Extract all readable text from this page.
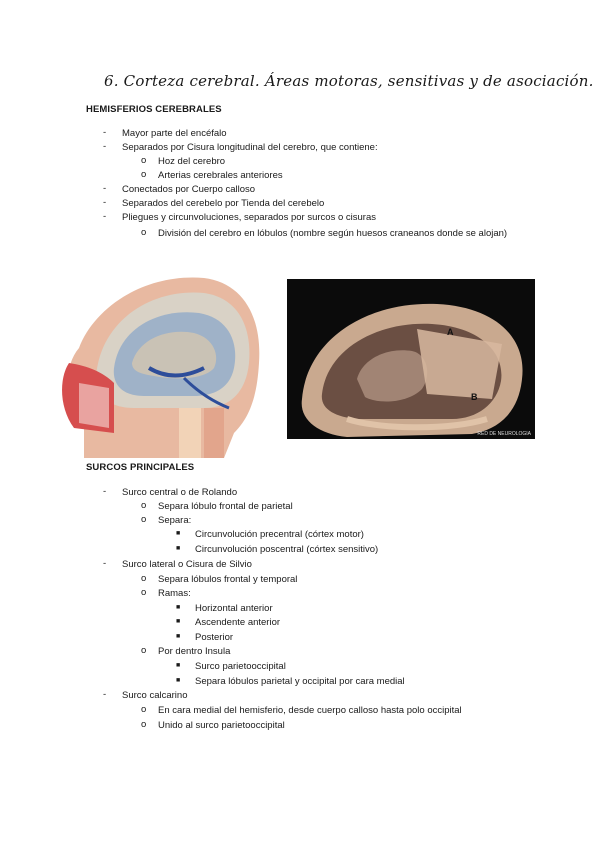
6. Corteza cerebral. Áreas motoras, sensitivas y de asociación.
HEMISFERIOS CEREBRALES
- Mayor parte del encéfalo
- Separados por Cisura longitudinal del cerebro, que contiene:
o Hoz del cerebro
o Arterias cerebrales anteriores
- Conectados por Cuerpo calloso
- Separados del cerebelo por Tienda del cerebelo
- Pliegues y circunvoluciones, separados por surcos o cisuras
o División del cerebro en lóbulos (nombre según huesos craneanos donde se alojan)
A
B
RED DE NEUROLOGIA
SURCOS PRINCIPALES
- Surco central o de Rolando
o Separa lóbulo frontal de parietal
o Separa:
■ Circunvolución precentral (córtex motor)
■ Circunvolución poscentral (córtex sensitivo)
- Surco lateral o Cisura de Silvio
o Separa lóbulos frontal y temporal
o Ramas:
■ Horizontal anterior
■ Ascendente anterior
■ Posterior
o Por dentro Insula
■ Surco parietooccipital
■ Separa lóbulos parietal y occipital por cara medial
- Surco calcarino
o En cara medial del hemisferio, desde cuerpo calloso hasta polo occipital
o Unido al surco parietooccipital
